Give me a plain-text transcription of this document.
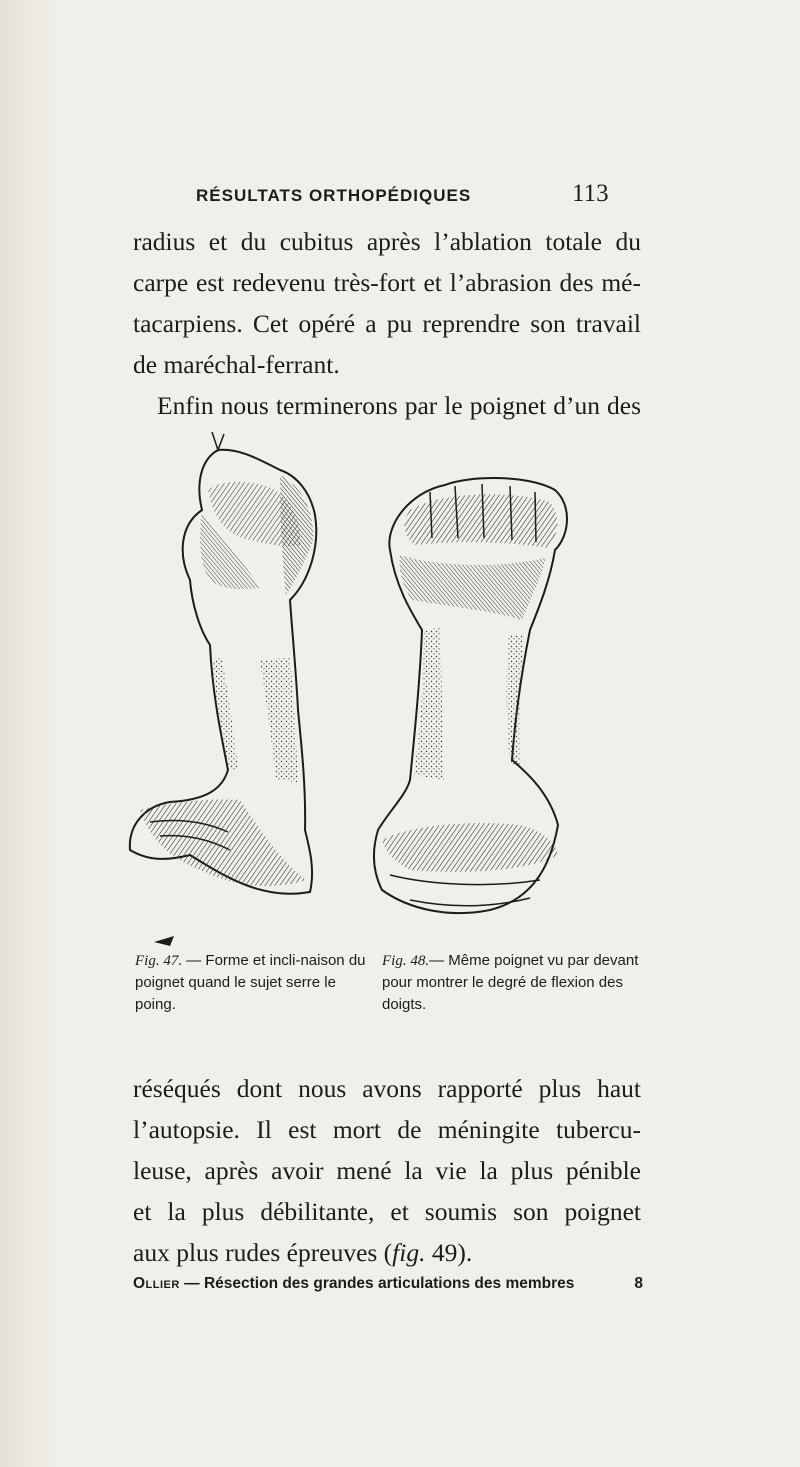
RÉSULTATS ORTHOPÉDIQUES	113
radius et du cubitus après l’ablation totale du
carpe est redevenu très-fort et l’abrasion des mé-
tacarpiens. Cet opéré a pu reprendre son travail
de maréchal-ferrant.
Enfin nous terminerons par le poignet d’un des
Fig. 47. — Forme et incli-naison du poignet quand le sujet serre le poing.
Fig. 48.— Même poignet vu par devant pour montrer le degré de flexion des doigts.
réséqués dont nous avons rapporté plus haut
l’autopsie. Il est mort de méningite tubercu-
leuse, après avoir mené la vie la plus pénible
et la plus débilitante, et soumis son poignet
aux plus rudes épreuves (fig. 49).
Ollier — Résection des grandes articulations des membres	8
